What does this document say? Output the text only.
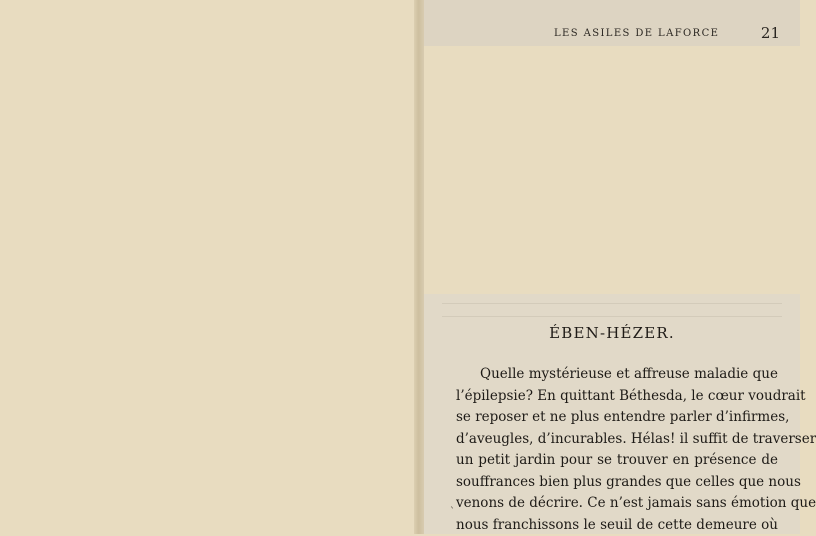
LES ASILES DE LAFORCE	21
ÉBEN-HÉZER.

Quelle mystérieuse et affreuse maladie que
l’épilepsie? En quittant Béthesda, le cœur voudrait
se reposer et ne plus entendre parler d’infirmes,
d’aveugles, d’incurables. Hélas! il suffit de traverser
un petit jardin pour se trouver en présence de
souffrances bien plus grandes que celles que nous
venons de décrire. Ce n’est jamais sans émotion que
nous franchissons le seuil de cette demeure où

`
